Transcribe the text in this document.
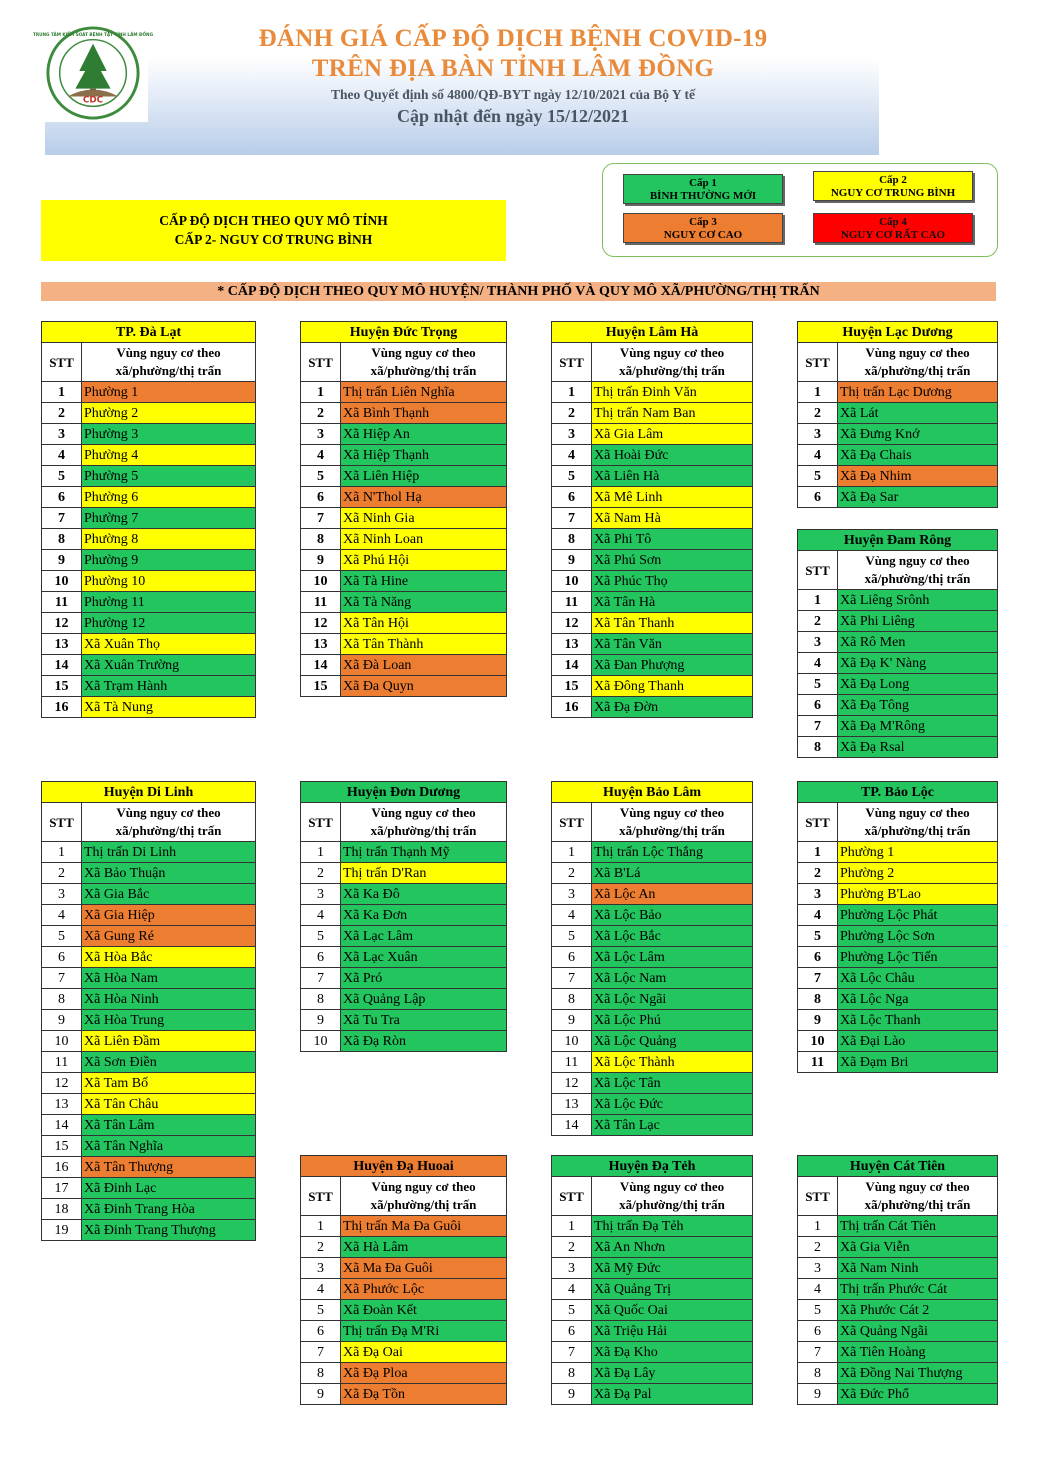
CDC
TRUNG TÂM KIỂM SOÁT BỆNH TẬT TỈNH LÂM ĐỒNG	ĐÁNH GIÁ CẤP ĐỘ DỊCH BỆNH COVID-19
TRÊN ĐỊA BÀN TỈNH LÂM ĐỒNG
Theo Quyết định số 4800/QĐ-BYT ngày 12/10/2021 của Bộ Y tế
Cập nhật đến ngày 15/12/2021
Cấp 1
BÌNH THƯỜNG MỚI
Cấp 2
NGUY CƠ TRUNG BÌNH
Cấp 3
NGUY CƠ CAO
Cấp 4
NGUY CƠ RẤT CAO
CẤP ĐỘ DỊCH THEO QUY MÔ TỈNH
CẤP 2- NGUY CƠ TRUNG BÌNH
* CẤP ĐỘ DỊCH THEO QUY MÔ HUYỆN/ THÀNH PHỐ VÀ QUY MÔ XÃ/PHƯỜNG/THỊ TRẤN
TP. Đà Lạt	
STT	Vùng nguy cơ theo xã/phường/thị trấn
1	Phường 1
2	Phường 2
3	Phường 3
4	Phường 4
5	Phường 5
6	Phường 6
7	Phường 7
8	Phường 8
9	Phường 9
10	Phường 10
11	Phường 11
12	Phường 12
13	Xã Xuân Thọ
14	Xã Xuân Trường
15	Xã Trạm Hành
16	Xã Tà Nung
Huyện Đức Trọng	
STT	Vùng nguy cơ theo xã/phường/thị trấn
1	Thị trấn Liên Nghĩa
2	Xã Bình Thạnh
3	Xã Hiệp An
4	Xã Hiệp Thạnh
5	Xã Liên Hiệp
6	Xã N'Thol Hạ
7	Xã Ninh Gia
8	Xã Ninh Loan
9	Xã Phú Hội
10	Xã Tà Hine
11	Xã Tà Năng
12	Xã Tân Hội
13	Xã Tân Thành
14	Xã Đà Loan
15	Xã Đa Quyn
Huyện Lâm Hà	
STT	Vùng nguy cơ theo xã/phường/thị trấn
1	Thị trấn Đinh Văn
2	Thị trấn Nam Ban
3	Xã Gia Lâm
4	Xã Hoài Đức
5	Xã Liên Hà
6	Xã Mê Linh
7	Xã Nam Hà
8	Xã Phi Tô
9	Xã Phú Sơn
10	Xã Phúc Thọ
11	Xã Tân Hà
12	Xã Tân Thanh
13	Xã Tân Văn
14	Xã Đan Phượng
15	Xã Đông Thanh
16	Xã Đạ Đờn
Huyện Lạc Dương	
STT	Vùng nguy cơ theo xã/phường/thị trấn
1	Thị trấn Lạc Dương
2	Xã Lát
3	Xã Đưng Knớ
4	Xã Đạ Chais
5	Xã Đạ Nhim
6	Xã Đạ Sar
Huyện Đam Rông	
STT	Vùng nguy cơ theo xã/phường/thị trấn
1	Xã Liêng Srônh
2	Xã Phi Liêng
3	Xã Rô Men
4	Xã Đạ K' Nàng
5	Xã Đạ Long
6	Xã Đạ Tông
7	Xã Đạ M'Rông
8	Xã Đạ Rsal
Huyện Di Linh	
STT	Vùng nguy cơ theo xã/phường/thị trấn
1	Thị trấn Di Linh
2	Xã Bảo Thuận
3	Xã Gia Bắc
4	Xã Gia Hiệp
5	Xã Gung Ré
6	Xã Hòa Bắc
7	Xã Hòa Nam
8	Xã Hòa Ninh
9	Xã Hòa Trung
10	Xã Liên Đầm
11	Xã Sơn Điền
12	Xã Tam Bố
13	Xã Tân Châu
14	Xã Tân Lâm
15	Xã Tân Nghĩa
16	Xã Tân Thượng
17	Xã Đinh Lạc
18	Xã Đinh Trang Hòa
19	Xã Đinh Trang Thượng
Huyện Đơn Dương	
STT	Vùng nguy cơ theo xã/phường/thị trấn
1	Thị trấn Thạnh Mỹ
2	Thị trấn D'Ran
3	Xã Ka Đô
4	Xã Ka Đơn
5	Xã Lạc Lâm
6	Xã Lạc Xuân
7	Xã Pró
8	Xã Quảng Lập
9	Xã Tu Tra
10	Xã Đạ Ròn
Huyện Bảo Lâm	
STT	Vùng nguy cơ theo xã/phường/thị trấn
1	Thị trấn Lộc Thắng
2	Xã B'Lá
3	Xã Lộc An
4	Xã Lộc Bảo
5	Xã Lộc Bắc
6	Xã Lộc Lâm
7	Xã Lộc Nam
8	Xã Lộc Ngãi
9	Xã Lộc Phú
10	Xã Lộc Quảng
11	Xã Lộc Thành
12	Xã Lộc Tân
13	Xã Lộc Đức
14	Xã Tân Lạc
TP. Bảo Lộc	
STT	Vùng nguy cơ theo xã/phường/thị trấn
1	Phường 1
2	Phường 2
3	Phường B'Lao
4	Phường Lộc Phát
5	Phường Lộc Sơn
6	Phường Lộc Tiến
7	Xã Lộc Châu
8	Xã Lộc Nga
9	Xã Lộc Thanh
10	Xã Đại Lào
11	Xã Đạm Bri
Huyện Đạ Huoai	
STT	Vùng nguy cơ theo xã/phường/thị trấn
1	Thị trấn Ma Đa Guôi
2	Xã Hà Lâm
3	Xã Ma Đa Guôi
4	Xã Phước Lộc
5	Xã Đoàn Kết
6	Thị trấn Đạ M'Ri
7	Xã Đạ Oai
8	Xã Đạ Ploa
9	Xã Đạ Tồn
Huyện Đạ Tẻh	
STT	Vùng nguy cơ theo xã/phường/thị trấn
1	Thị trấn Đạ Tẻh
2	Xã An Nhơn
3	Xã Mỹ Đức
4	Xã Quảng Trị
5	Xã Quốc Oai
6	Xã Triệu Hải
7	Xã Đạ Kho
8	Xã Đạ Lây
9	Xã Đạ Pal
Huyện Cát Tiên	
STT	Vùng nguy cơ theo xã/phường/thị trấn
1	Thị trấn Cát Tiên
2	Xã Gia Viễn
3	Xã Nam Ninh
4	Thị trấn Phước Cát
5	Xã Phước Cát 2
6	Xã Quảng Ngãi
7	Xã Tiên Hoàng
8	Xã Đồng Nai Thượng
9	Xã Đức Phổ
